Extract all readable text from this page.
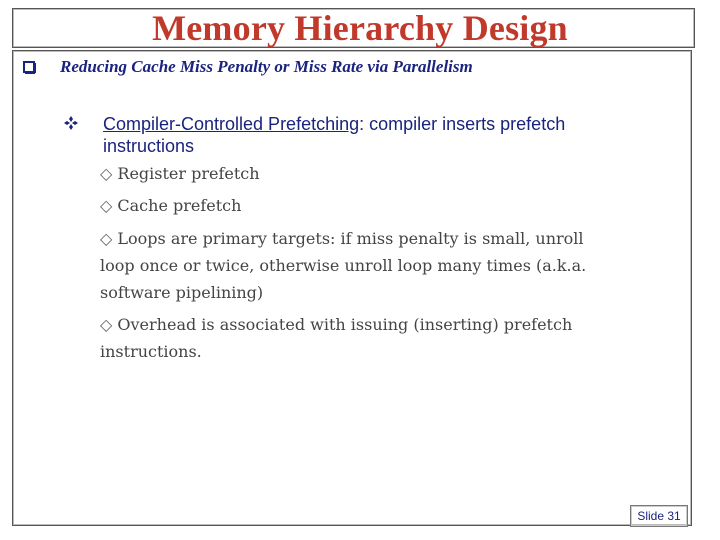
Memory Hierarchy Design
Reducing Cache Miss Penalty or Miss Rate via Parallelism
Compiler-Controlled Prefetching: compiler inserts prefetch instructions
◇ Register prefetch
◇ Cache prefetch
◇ Loops are primary targets: if miss penalty is small, unroll loop once or twice, otherwise unroll loop many times (a.k.a. software pipelining)
◇ Overhead is associated with issuing (inserting) prefetch instructions.
Slide 31
